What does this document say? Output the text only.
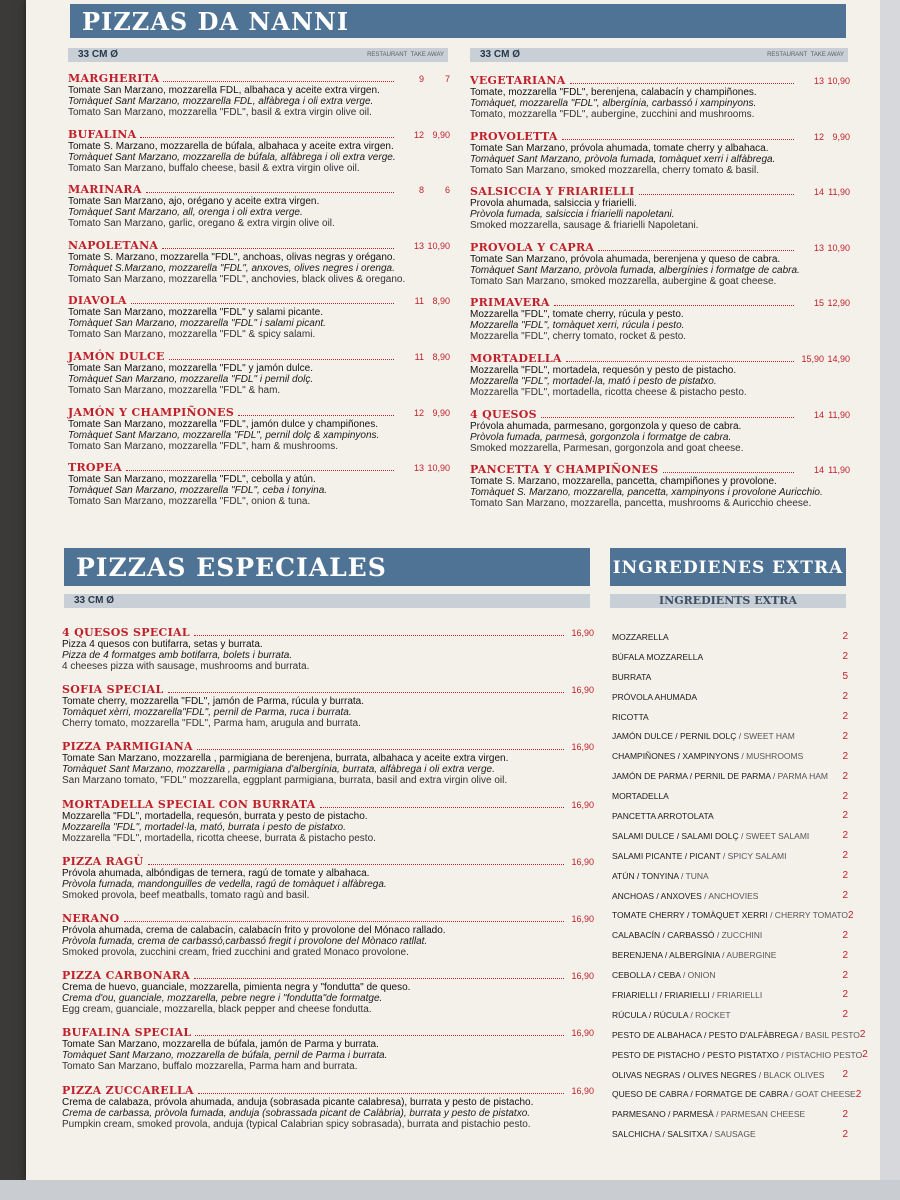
PIZZAS DA NANNI
33 CM Ø	RESTAURANT TAKE AWAY	33 CM Ø	RESTAURANT TAKE AWAY
MARGHERITA	9	7
Tomate San Marzano, mozzarella FDL, albahaca y aceite extra virgen.
Tomàquet Sant Marzano, mozzarella FDL, alfàbrega i oli extra verge.
Tomato San Marzano, mozzarella "FDL", basil & extra virgin olive oil.
BUFALINA	12 9,90
Tomate S. Marzano, mozzarella de búfala, albahaca y aceite extra virgen.
Tomàquet Sant Marzano, mozzarella de búfala, alfàbrega i oli extra verge.
Tomato San Marzano, buffalo cheese, basil & extra virgin olive oil.
MARINARA	8	6
Tomate San Marzano, ajo, orégano y aceite extra virgen.
Tomàquet Sant Marzano, all, orenga i oli extra verge.
Tomato San Marzano, garlic, oregano & extra virgin olive oil.
NAPOLETANA	13 10,90
Tomate S. Marzano, mozzarella "FDL", anchoas, olivas negras y orégano.
Tomàquet S.Marzano, mozzarella "FDL", anxoves, olives negres i orenga.
Tomato San Marzano, mozzarella "FDL", anchovies, black olives & oregano.
DIAVOLA	11 8,90
Tomate San Marzano, mozzarella "FDL" y salami picante.
Tomàquet San Marzano, mozzarella "FDL" i salami picant.
Tomato San Marzano, mozzarella "FDL" & spicy salami.
JAMÓN DULCE	11 8,90
Tomate San Marzano, mozzarella "FDL" y jamón dulce.
Tomàquet San Marzano, mozzarella "FDL" i pernil dolç.
Tomato San Marzano, mozzarella "FDL" & ham.
JAMÓN Y CHAMPIÑONES	12 9,90
Tomate San Marzano, mozzarella "FDL", jamón dulce y champiñones.
Tomàquet Sant Marzano, mozzarella "FDL", pernil dolç & xampinyons.
Tomato San Marzano, mozzarella "FDL", ham & mushrooms.
TROPEA	13 10,90
Tomate San Marzano, mozzarella "FDL", cebolla y atún.
Tomàquet San Marzano, mozzarella "FDL", ceba i tonyina.
Tomato San Marzano, mozzarella "FDL", onion & tuna.
VEGETARIANA	13 10,90
Tomate, mozzarella "FDL", berenjena, calabacín y champiñones.
Tomàquet, mozzarella "FDL", albergínia, carbassó i xampinyons.
Tomato, mozzarella "FDL", aubergine, zucchini and mushrooms.
PROVOLETTA	12 9,90
Tomate San Marzano, próvola ahumada, tomate cherry y albahaca.
Tomàquet Sant Marzano, pròvola fumada, tomàquet xerri i alfàbrega.
Tomato San Marzano, smoked mozzarella, cherry tomato & basil.
SALSICCIA Y FRIARIELLI	14 11,90
Provola ahumada, salsiccia y friarielli.
Pròvola fumada, salsiccia i friarielli napoletani.
Smoked mozzarella, sausage & friarielli Napoletani.
PROVOLA Y CAPRA	13 10,90
Tomate San Marzano, próvola ahumada, berenjena y queso de cabra.
Tomàquet Sant Marzano, pròvola fumada, albergínies i formatge de cabra.
Tomato San Marzano, smoked mozzarella, aubergine & goat cheese.
PRIMAVERA	15 12,90
Mozzarella "FDL", tomate cherry, rúcula y pesto.
Mozzarella "FDL", tomàquet xerri, rúcula i pesto.
Mozzarella "FDL", cherry tomato, rocket & pesto.
MORTADELLA	15,90 14,90
Mozzarella "FDL", mortadela, requesón y pesto de pistacho.
Mozzarella "FDL", mortadel·la, mató i pesto de pistatxo.
Mozzarella "FDL", mortadella, ricotta cheese & pistacho pesto.
4 QUESOS	14 11,90
Próvola ahumada, parmesano, gorgonzola y queso de cabra.
Pròvola fumada, parmesà, gorgonzola i formatge de cabra.
Smoked mozzarella, Parmesan, gorgonzola and goat cheese.
PANCETTA Y CHAMPIÑONES	14 11,90
Tomate S. Marzano, mozzarella, pancetta, champiñones y provolone.
Tomàquet S. Marzano, mozzarella, pancetta, xampinyons i provolone Auricchio.
Tomato San Marzano, mozzarella, pancetta, mushrooms & Auricchio cheese.
PIZZAS ESPECIALES	INGREDIENES EXTRA
33 CM Ø	INGREDIENTS EXTRA
4 QUESOS SPECIAL	16,90
Pizza 4 quesos con butifarra, setas y burrata.
Pizza de 4 formatges amb botifarra, bolets i burrata.
4 cheeses pizza with sausage, mushrooms and burrata.
SOFIA SPECIAL	16,90
Tomate cherry, mozzarella "FDL", jamón de Parma, rúcula y burrata.
Tomàquet xèrri, mozzarella"FDL", pernil de Parma, ruca i burrata.
Cherry tomato, mozzarella "FDL", Parma ham, arugula and burrata.
PIZZA PARMIGIANA	16,90
Tomate San Marzano, mozzarella , parmigiana de berenjena, burrata, albahaca y aceite extra virgen.
Tomàquet Sant Marzano, mozzarella , parmigiana d'albergínia, burrata, alfàbrega i oli extra verge.
San Marzano tomato, "FDL" mozzarella, eggplant parmigiana, burrata, basil and extra virgin olive oil.
MORTADELLA SPECIAL CON BURRATA	16,90
Mozzarella "FDL", mortadella, requesón, burrata y pesto de pistacho.
Mozzarella "FDL", mortadel·la, mató, burrata i pesto de pistatxo.
Mozzarella "FDL", mortadella, ricotta cheese, burrata & pistacho pesto.
PIZZA RAGÙ	16,90
Próvola ahumada, albóndigas de ternera, ragú de tomate y albahaca.
Pròvola fumada, mandonguilles de vedella, ragú de tomàquet i alfàbrega.
Smoked provola, beef meatballs, tomato ragù and basil.
NERANO	16,90
Próvola ahumada, crema de calabacín, calabacín frito y provolone del Mónaco rallado.
Pròvola fumada, crema de carbassó,carbassó fregit i provolone del Mònaco ratllat.
Smoked provola, zucchini cream, fried zucchini and grated Monaco provolone.
PIZZA CARBONARA	16,90
Crema de huevo, guanciale, mozzarella, pimienta negra y "fondutta" de queso.
Crema d'ou, guanciale, mozzarella, pebre negre i "fondutta"de formatge.
Egg cream, guanciale, mozzarella, black pepper and cheese fondutta.
BUFALINA SPECIAL	16,90
Tomate San Marzano, mozzarella de búfala, jamón de Parma y burrata.
Tomàquet Sant Marzano, mozzarella de búfala, pernil de Parma i burrata.
Tomato San Marzano, buffalo mozzarella, Parma ham and burrata.
PIZZA ZUCCARELLA	16,90
Crema de calabaza, próvola ahumada, anduja (sobrasada picante calabresa), burrata y pesto de pistacho.
Crema de carbassa, pròvola fumada, anduja (sobrassada picant de Calàbria), burrata y pesto de pistatxo.
Pumpkin cream, smoked provola, anduja (typical Calabrian spicy sobrasada), burrata and pistachio pesto.
MOZZARELLA	2
BÚFALA MOZZARELLA	2
BURRATA	5
PRÓVOLA AHUMADA	2
RICOTTA	2
JAMÓN DULCE / PERNIL DOLÇ / SWEET HAM	2
CHAMPIÑONES / XAMPINYONS / MUSHROOMS	2
JAMÓN DE PARMA / PERNIL DE PARMA / PARMA HAM	2
MORTADELLA	2
PANCETTA ARROTOLATA	2
SALAMI DULCE / SALAMI DOLÇ / SWEET SALAMI	2
SALAMI PICANTE / PICANT / SPICY SALAMI	2
ATÚN / TONYINA / TUNA	2
ANCHOAS / ANXOVES / ANCHOVIES	2
TOMATE CHERRY / TOMÀQUET XERRI / CHERRY TOMATO 2
CALABACÍN / CARBASSÓ / ZUCCHINI	2
BERENJENA / ALBERGÍNIA / AUBERGINE	2
CEBOLLA / CEBA / ONION	2
FRIARIELLI / FRIARIELLI / FRIARIELLI	2
RÚCULA / RÚCULA / ROCKET	2
PESTO DE ALBAHACA / PESTO D'ALFÀBREGA / BASIL PESTO 2
PESTO DE PISTACHO / PESTO PISTATXO / PISTACHIO PESTO 2
OLIVAS NEGRAS / OLIVES NEGRES / BLACK OLIVES	2
QUESO DE CABRA / FORMATGE DE CABRA / GOAT CHEESE 2
PARMESANO / PARMESÀ / PARMESAN CHEESE	2
SALCHICHA / SALSITXA / SAUSAGE	2
